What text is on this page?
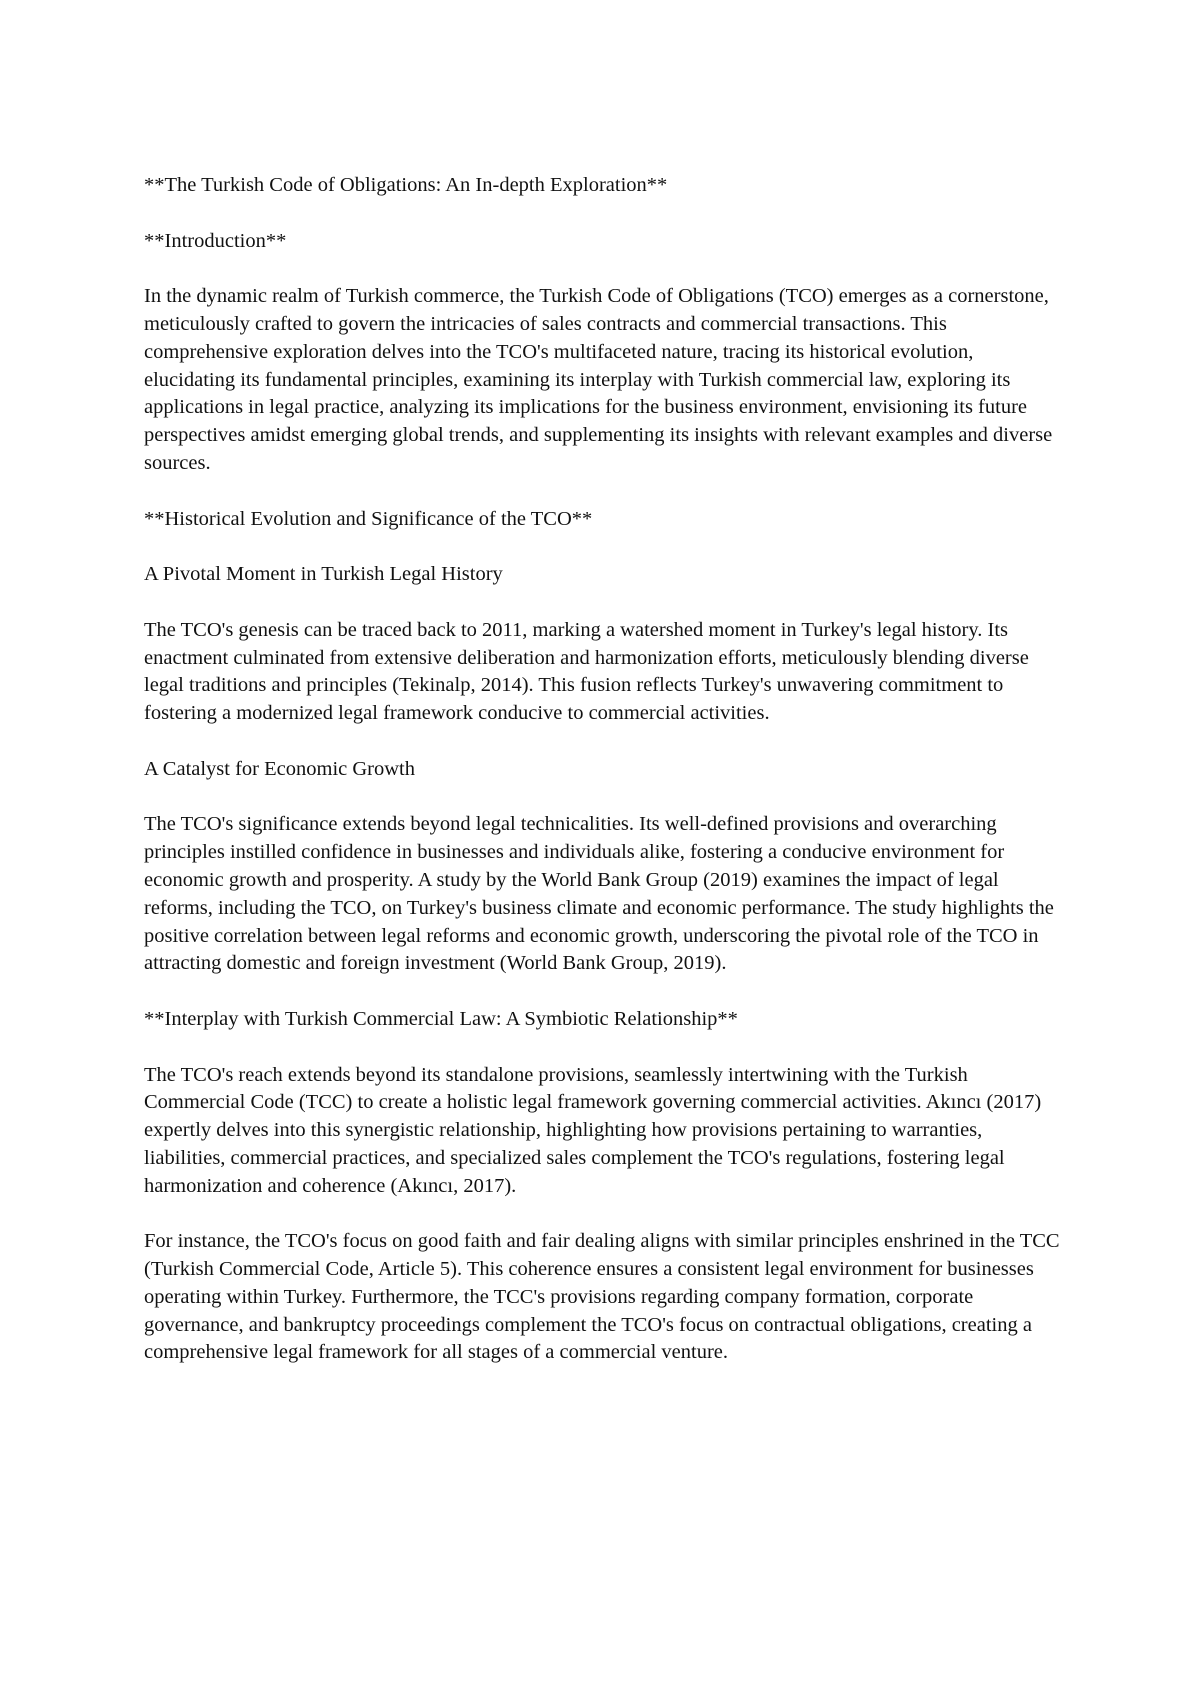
**The Turkish Code of Obligations: An In-depth Exploration**

**Introduction**

In the dynamic realm of Turkish commerce, the Turkish Code of Obligations (TCO) emerges as a cornerstone, meticulously crafted to govern the intricacies of sales contracts and commercial transactions. This comprehensive exploration delves into the TCO's multifaceted nature, tracing its historical evolution, elucidating its fundamental principles, examining its interplay with Turkish commercial law, exploring its applications in legal practice, analyzing its implications for the business environment, envisioning its future perspectives amidst emerging global trends, and supplementing its insights with relevant examples and diverse sources.

**Historical Evolution and Significance of the TCO**

A Pivotal Moment in Turkish Legal History

The TCO's genesis can be traced back to 2011, marking a watershed moment in Turkey's legal history. Its enactment culminated from extensive deliberation and harmonization efforts, meticulously blending diverse legal traditions and principles (Tekinalp, 2014). This fusion reflects Turkey's unwavering commitment to fostering a modernized legal framework conducive to commercial activities.

A Catalyst for Economic Growth

The TCO's significance extends beyond legal technicalities. Its well-defined provisions and overarching principles instilled confidence in businesses and individuals alike, fostering a conducive environment for economic growth and prosperity. A study by the World Bank Group (2019) examines the impact of legal reforms, including the TCO, on Turkey's business climate and economic performance. The study highlights the positive correlation between legal reforms and economic growth, underscoring the pivotal role of the TCO in attracting domestic and foreign investment (World Bank Group, 2019).

**Interplay with Turkish Commercial Law: A Symbiotic Relationship**

The TCO's reach extends beyond its standalone provisions, seamlessly intertwining with the Turkish Commercial Code (TCC) to create a holistic legal framework governing commercial activities. Akıncı (2017) expertly delves into this synergistic relationship, highlighting how provisions pertaining to warranties, liabilities, commercial practices, and specialized sales complement the TCO's regulations, fostering legal harmonization and coherence (Akıncı, 2017).

For instance, the TCO's focus on good faith and fair dealing aligns with similar principles enshrined in the TCC (Turkish Commercial Code, Article 5). This coherence ensures a consistent legal environment for businesses operating within Turkey. Furthermore, the TCC's provisions regarding company formation, corporate governance, and bankruptcy proceedings complement the TCO's focus on contractual obligations, creating a comprehensive legal framework for all stages of a commercial venture.
